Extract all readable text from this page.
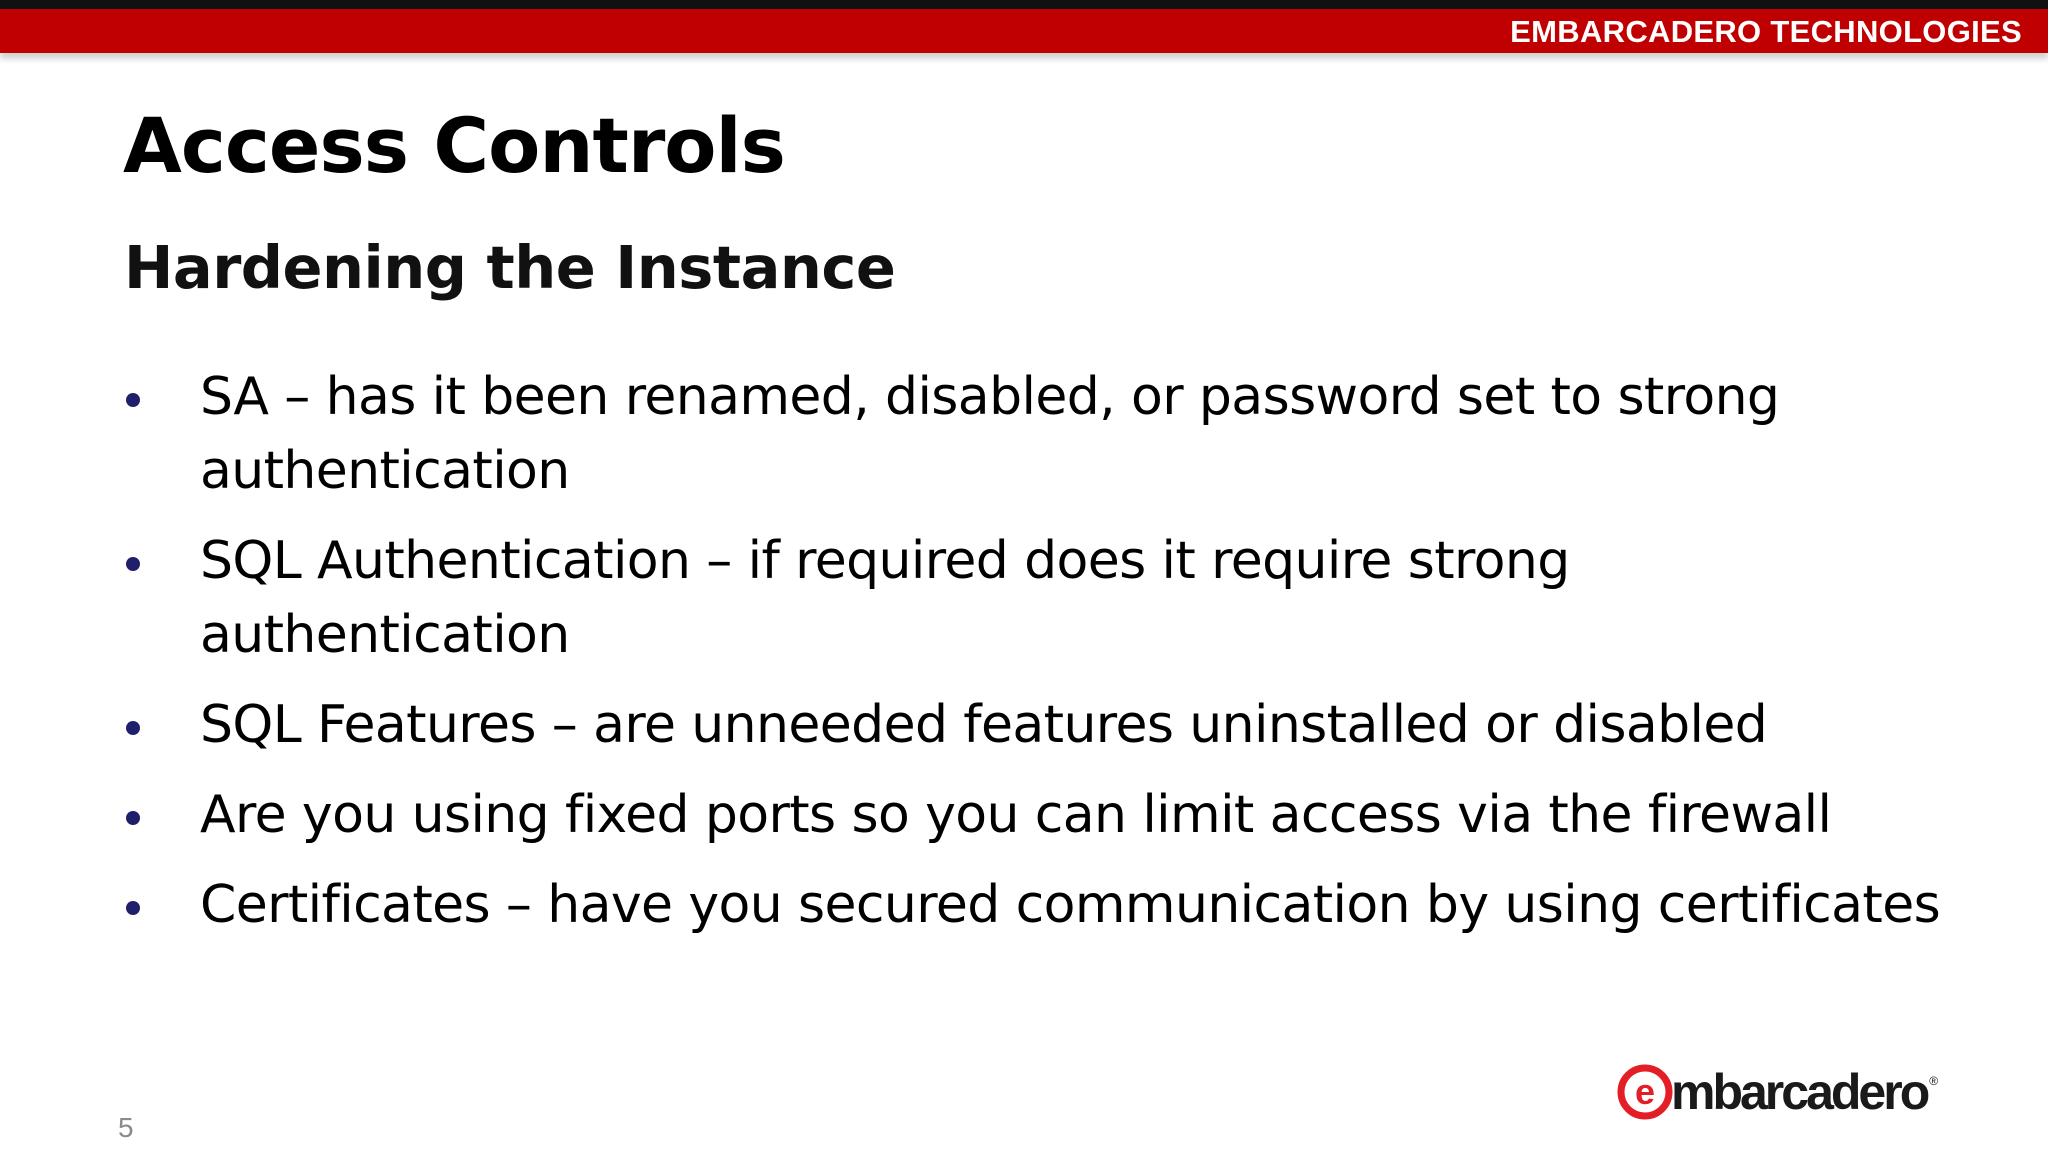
EMBARCADERO TECHNOLOGIES
Access Controls
Hardening the Instance
SA – has it been renamed, disabled, or password set to strong authentication
SQL Authentication – if required does it require strong authentication
SQL Features – are unneeded features uninstalled or disabled
Are you using fixed ports so you can limit access via the firewall
Certificates – have you secured communication by using certificates
5
e mbarcadero ®
